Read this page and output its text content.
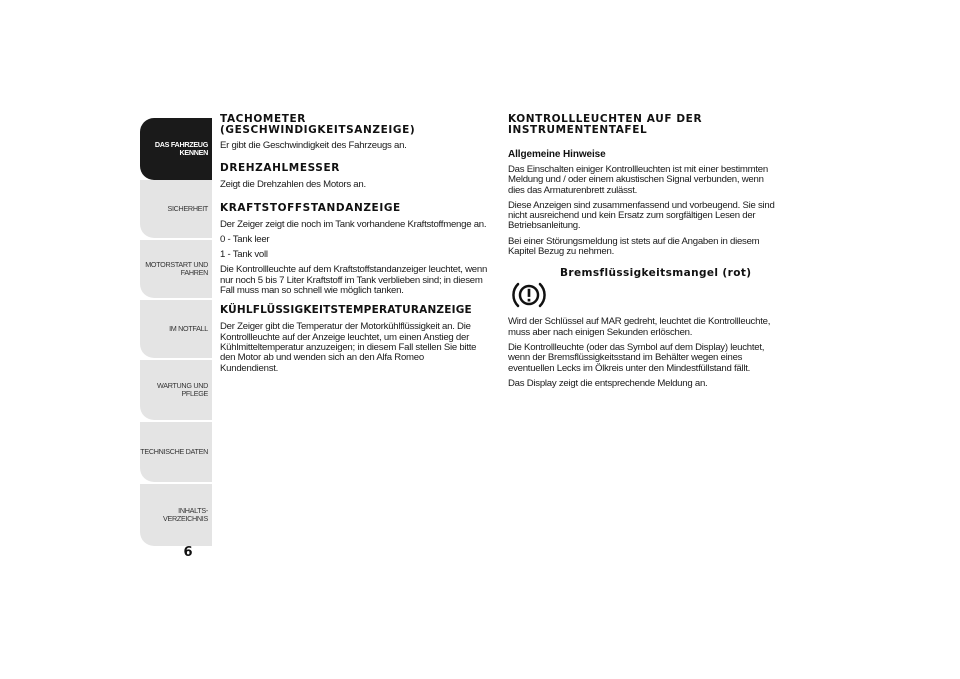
DAS FAHRZEUG
KENNEN
SICHERHEIT
MOTORSTART UND
FAHREN
IM NOTFALL
WARTUNG UND
PFLEGE
TECHNISCHE DATEN
INHALTS-
VERZEICHNIS
6
TACHOMETER (GESCHWINDIGKEITSANZEIGE)

Er gibt die Geschwindigkeit des Fahrzeugs an.

DREHZAHLMESSER

Zeigt die Drehzahlen des Motors an.

KRAFTSTOFFSTANDANZEIGE

Der Zeiger zeigt die noch im Tank vorhandene Kraftstoffmenge an.

0 - Tank leer

1 - Tank voll

Die Kontrollleuchte auf dem Kraftstoffstandanzeiger leuchtet, wenn nur noch 5 bis 7 Liter Kraftstoff im Tank verblieben sind; in diesem Fall muss man so schnell wie möglich tanken.

KÜHLFLÜSSIGKEITSTEMPERATURANZEIGE

Der Zeiger gibt die Temperatur der Motorkühlflüssigkeit an. Die Kontrollleuchte auf der Anzeige leuchtet, um einen Anstieg der Kühlmitteltemperatur anzuzeigen; in diesem Fall stellen Sie bitte den Motor ab und wenden sich an den Alfa Romeo Kundendienst.

KONTROLLLEUCHTEN AUF DER INSTRUMENTENTAFEL

Allgemeine Hinweise

Das Einschalten einiger Kontrollleuchten ist mit einer bestimmten Meldung und / oder einem akustischen Signal verbunden, wenn dies das Armaturenbrett zulässt.

Diese Anzeigen sind zusammenfassend und vorbeugend. Sie sind nicht ausreichend und kein Ersatz zum sorgfältigen Lesen der Betriebsanleitung.

Bei einer Störungsmeldung ist stets auf die Angaben in diesem Kapitel Bezug zu nehmen.

Bremsflüssigkeitsmangel (rot)

Wird der Schlüssel auf MAR gedreht, leuchtet die Kontrollleuchte, muss aber nach einigen Sekunden erlöschen.

Die Kontrollleuchte (oder das Symbol auf dem Display) leuchtet, wenn der Bremsflüssigkeitsstand im Behälter wegen eines eventuellen Lecks im Ölkreis unter den Mindestfüllstand fällt.

Das Display zeigt die entsprechende Meldung an.
